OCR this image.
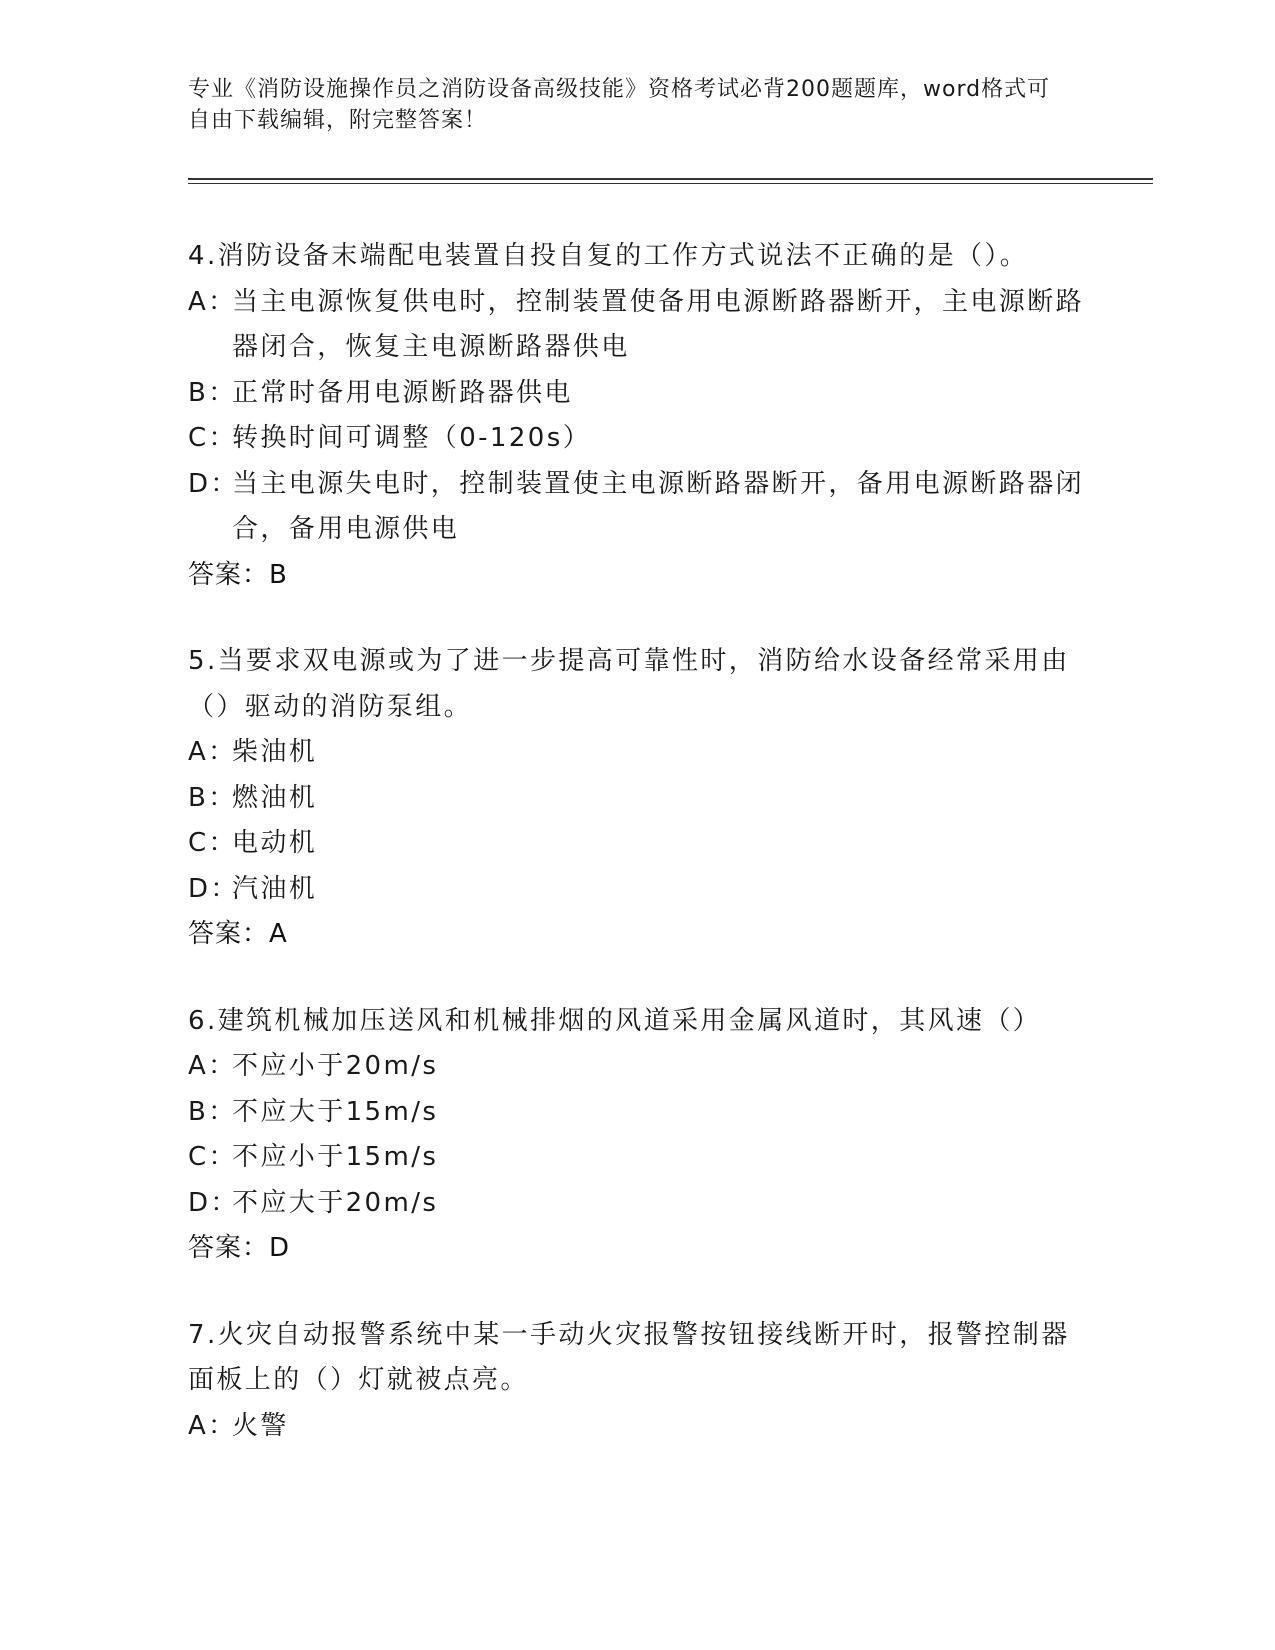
专业《消防设施操作员之消防设备高级技能》资格考试必背200题题库，word格式可自由下载编辑，附完整答案！
4.消防设备末端配电装置自投自复的工作方式说法不正确的是（）。
A：
当主电源恢复供电时，控制装置使备用电源断路器断开，主电源断路器闭合，恢复主电源断路器供电
B：
正常时备用电源断路器供电
C：
转换时间可调整（0-120s）
D：
当主电源失电时，控制装置使主电源断路器断开，备用电源断路器闭合，备用电源供电
答案：B
5.当要求双电源或为了进一步提高可靠性时，消防给水设备经常采用由（）驱动的消防泵组。
A：
柴油机
B：
燃油机
C：
电动机
D：
汽油机
答案：A
6.建筑机械加压送风和机械排烟的风道采用金属风道时，其风速（）
A：
不应小于20m/s
B：
不应大于15m/s
C：
不应小于15m/s
D：
不应大于20m/s
答案：D
7.火灾自动报警系统中某一手动火灾报警按钮接线断开时，报警控制器面板上的（）灯就被点亮。
A：
火警
